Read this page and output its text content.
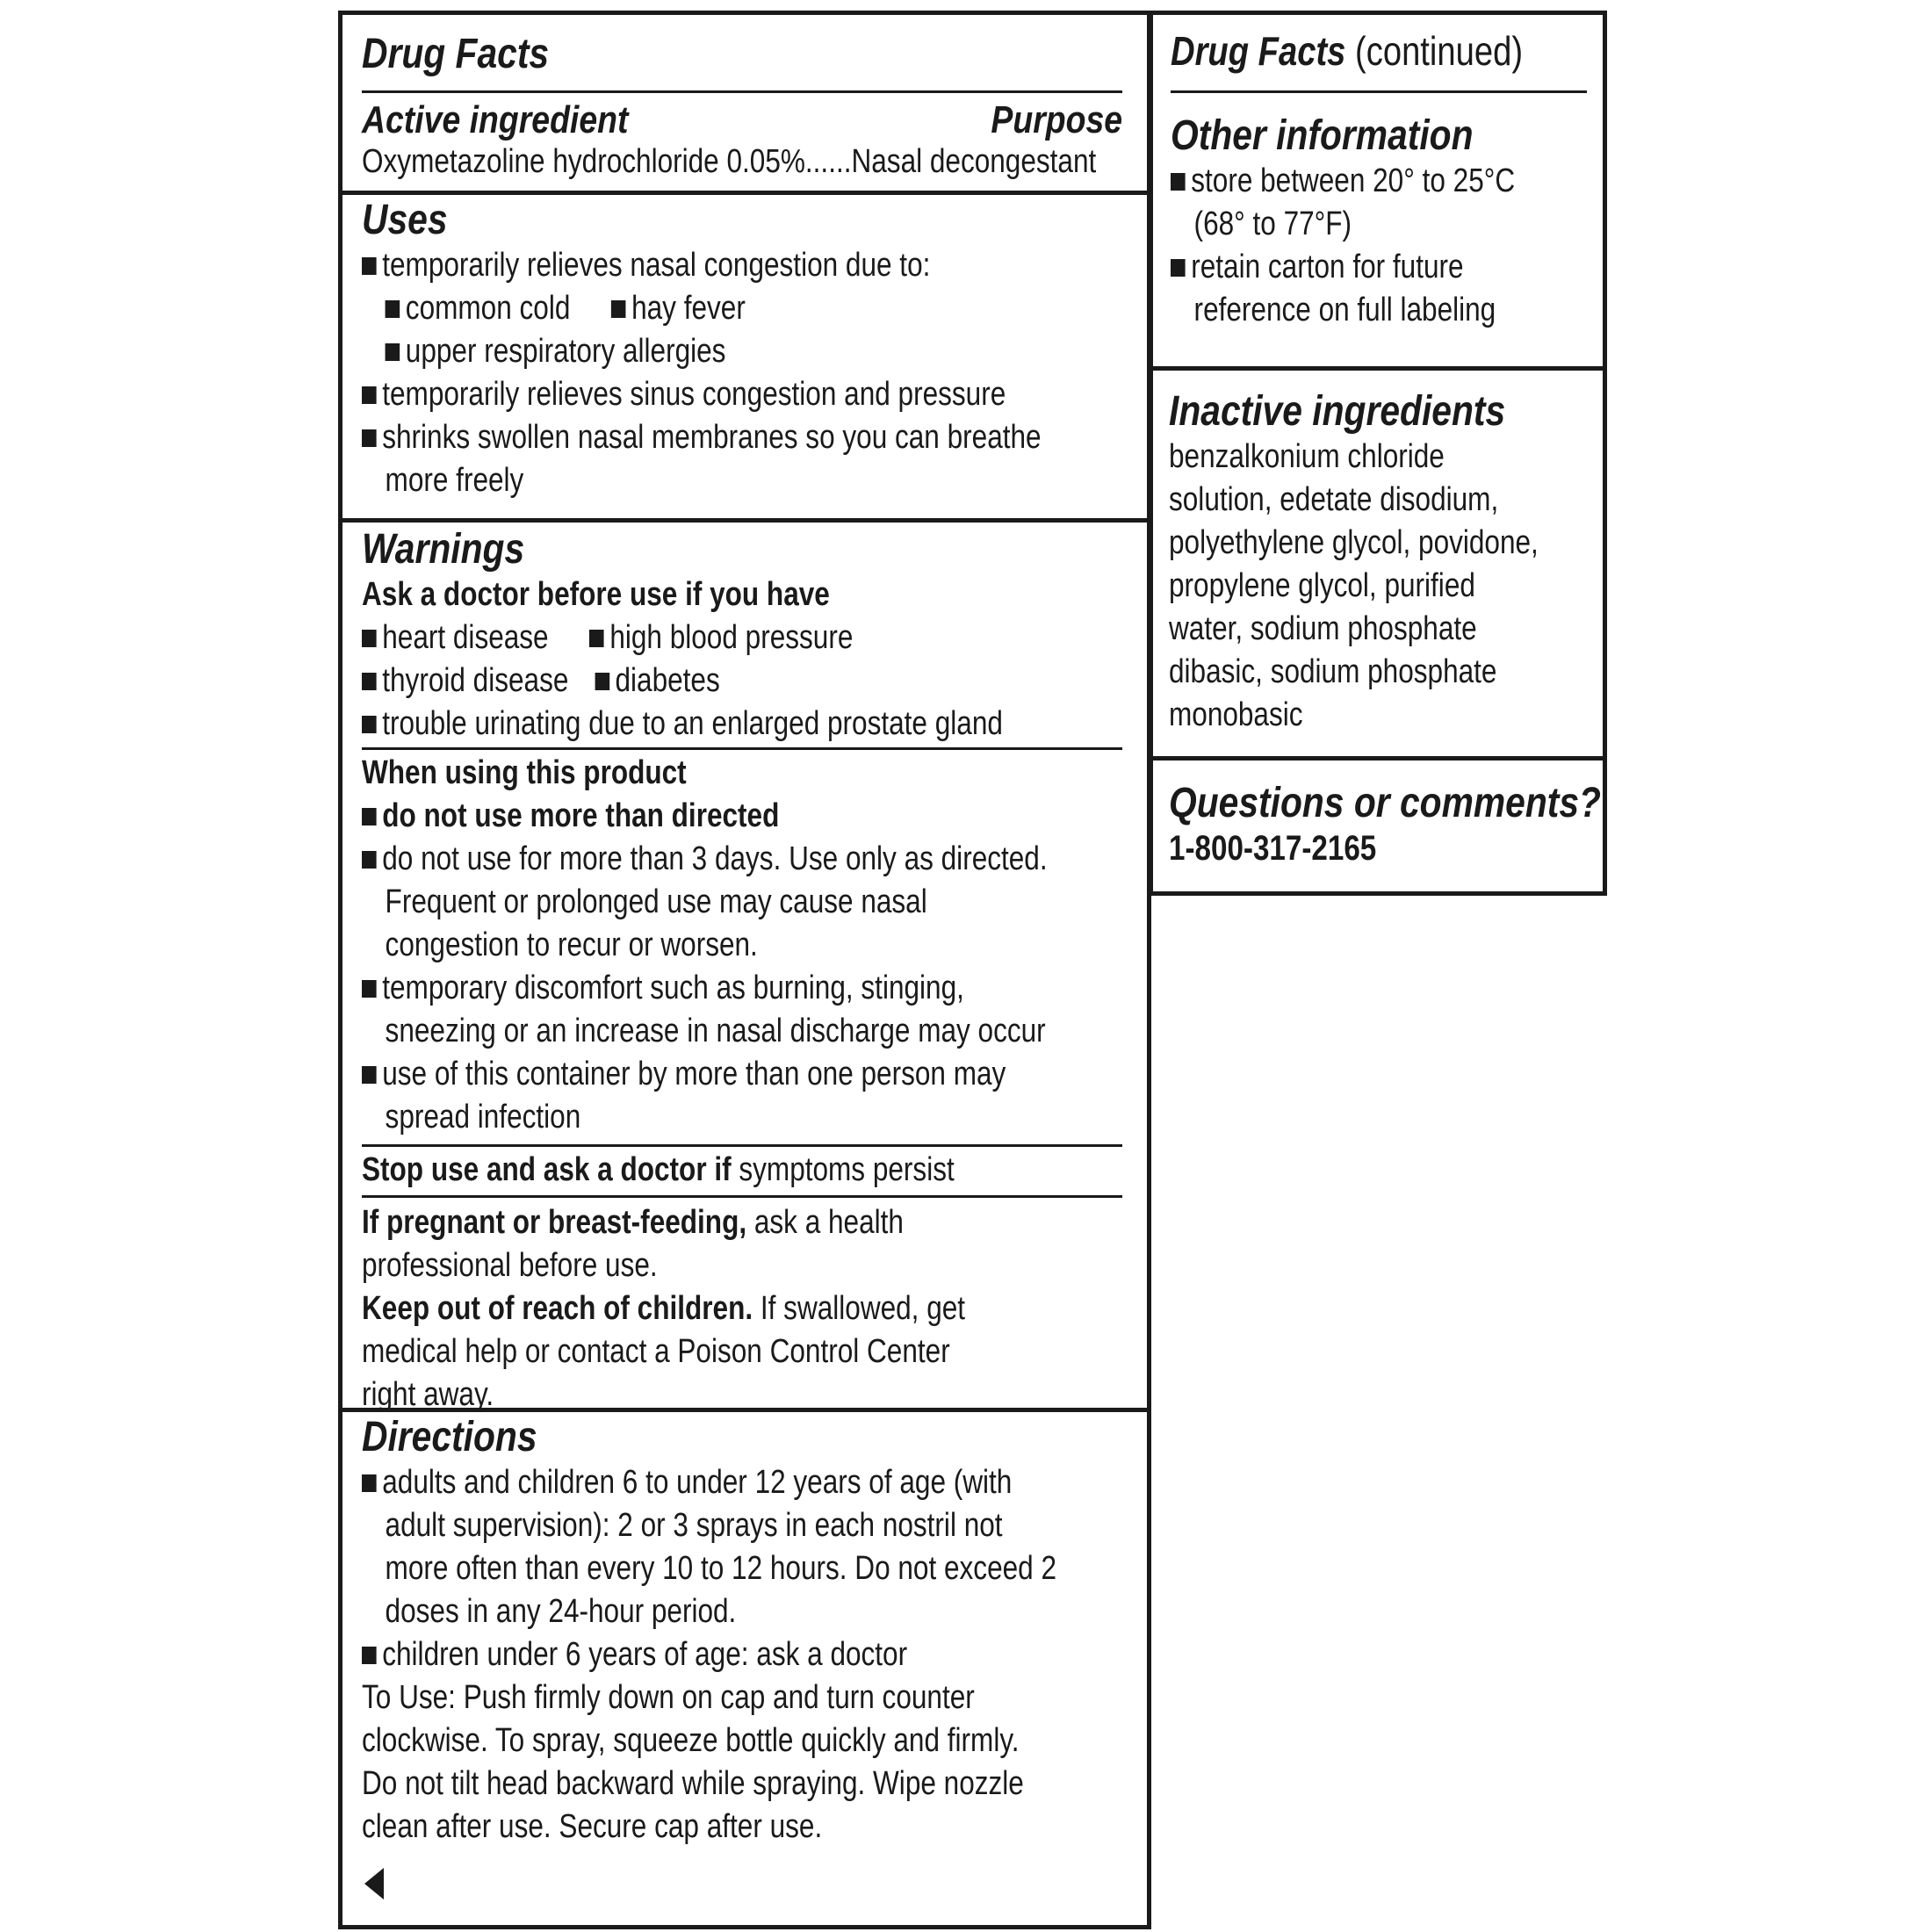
Drug Facts
Active ingredient	Purpose
Oxymetazoline hydrochloride 0.05%......Nasal decongestant
Uses
temporarily relieves nasal congestion due to:
common cold hay fever
upper respiratory allergies
temporarily relieves sinus congestion and pressure
shrinks swollen nasal membranes so you can breathe
more freely
Warnings
Ask a doctor before use if you have
heart disease high blood pressure
thyroid disease diabetes
trouble urinating due to an enlarged prostate gland
When using this product
do not use more than directed
do not use for more than 3 days. Use only as directed.
Frequent or prolonged use may cause nasal
congestion to recur or worsen.
temporary discomfort such as burning, stinging,
sneezing or an increase in nasal discharge may occur
use of this container by more than one person may
spread infection
Stop use and ask a doctor if symptoms persist
If pregnant or breast-feeding, ask a health
professional before use.
Keep out of reach of children. If swallowed, get
medical help or contact a Poison Control Center
right away.
Directions
adults and children 6 to under 12 years of age (with
adult supervision): 2 or 3 sprays in each nostril not
more often than every 10 to 12 hours. Do not exceed 2
doses in any 24-hour period.
children under 6 years of age: ask a doctor
To Use: Push firmly down on cap and turn counter
clockwise. To spray, squeeze bottle quickly and firmly.
Do not tilt head backward while spraying. Wipe nozzle
clean after use. Secure cap after use.
Drug Facts (continued)
Other information
store between 20° to 25°C
(68° to 77°F)
retain carton for future
reference on full labeling
Inactive ingredients
benzalkonium chloride
solution, edetate disodium,
polyethylene glycol, povidone,
propylene glycol, purified
water, sodium phosphate
dibasic, sodium phosphate
monobasic
Questions or comments?
1-800-317-2165
